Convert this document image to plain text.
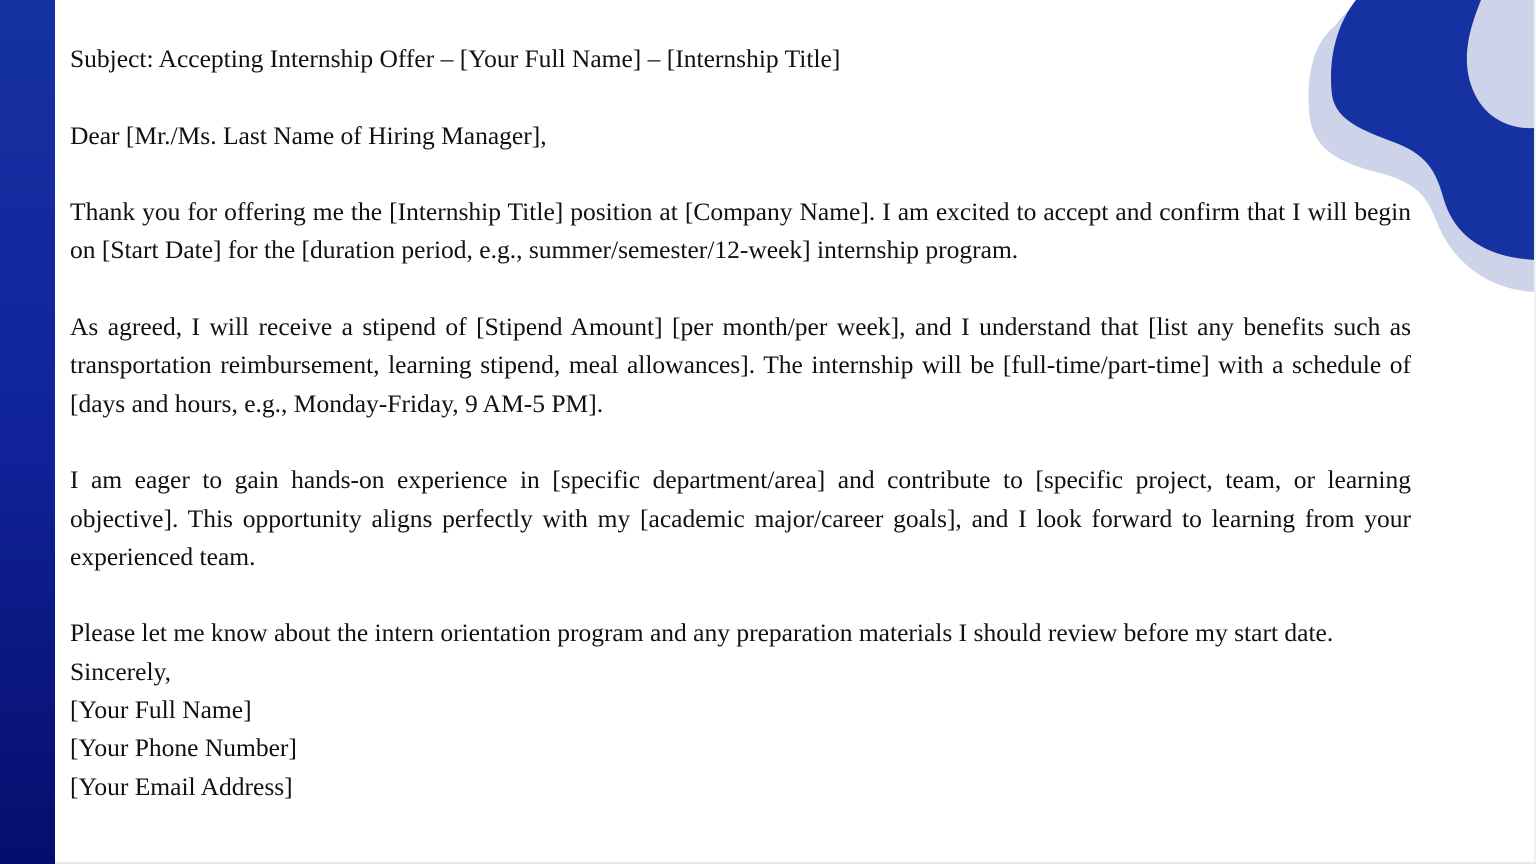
Subject: Accepting Internship Offer – [Your Full Name] – [Internship Title]

Dear [Mr./Ms. Last Name of Hiring Manager],

Thank you for offering me the [Internship Title] position at [Company Name]. I am excited to accept and confirm that I will begin on [Start Date] for the [duration period, e.g., summer/semester/12-week] internship program.

As agreed, I will receive a stipend of [Stipend Amount] [per month/per week], and I understand that [list any benefits such as transportation reimbursement, learning stipend, meal allowances]. The internship will be [full-time/part-time] with a schedule of [days and hours, e.g., Monday-Friday, 9 AM-5 PM].

I am eager to gain hands-on experience in [specific department/area] and contribute to [specific project, team, or learning objective]. This opportunity aligns perfectly with my [academic major/career goals], and I look forward to learning from your experienced team.

Please let me know about the intern orientation program and any preparation materials I should review before my start date.

Sincerely,
[Your Full Name]
[Your Phone Number]
[Your Email Address]
